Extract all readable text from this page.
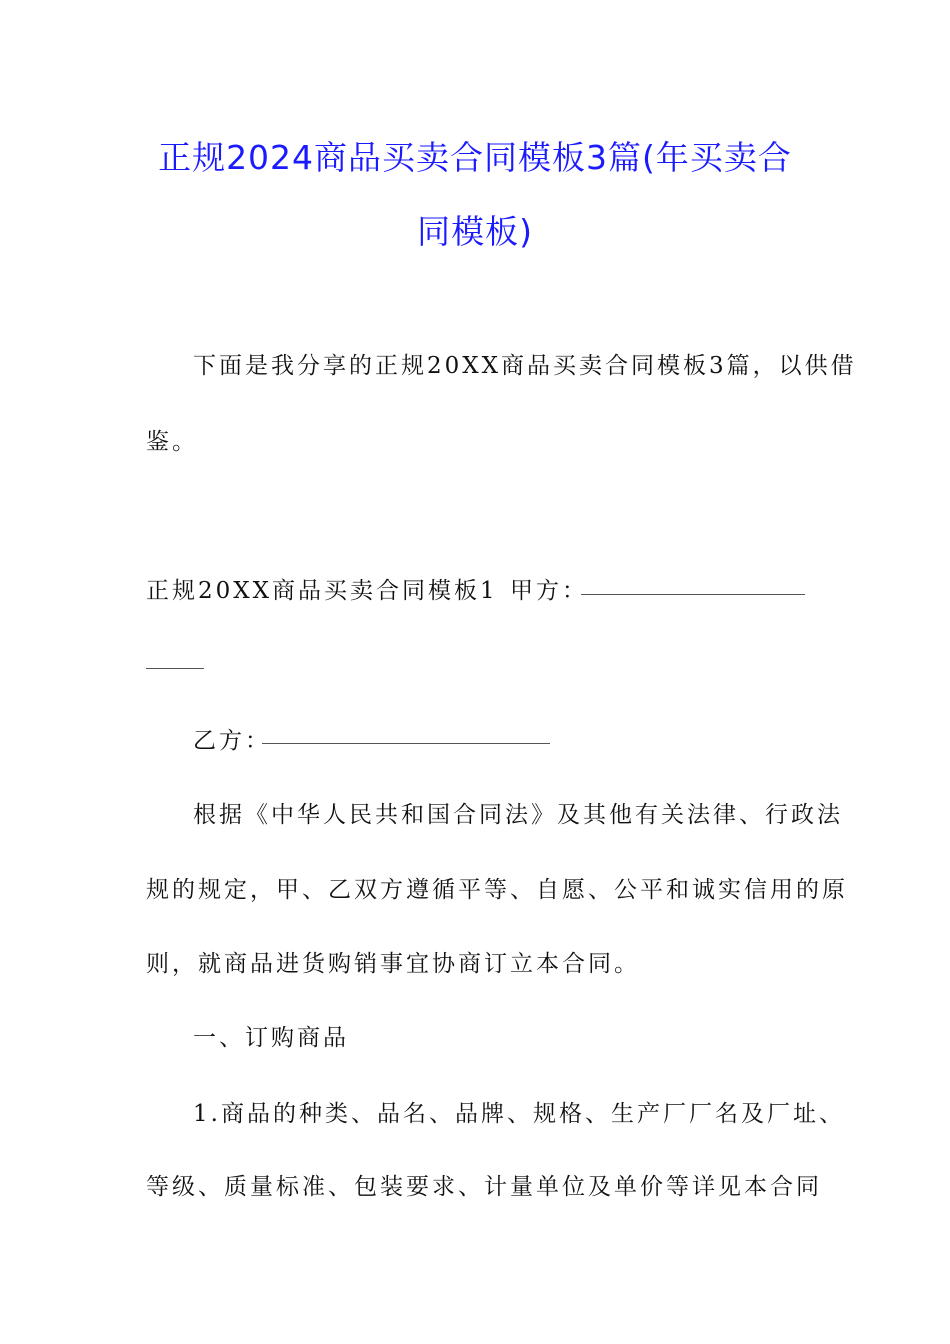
正规2024商品买卖合同模板3篇(年买卖合
同模板)
下面是我分享的正规20XX商品买卖合同模板3篇，以供借
鉴。
正规20XX商品买卖合同模板1 甲方：
乙方：
根据《中华人民共和国合同法》及其他有关法律、行政法
规的规定，甲、乙双方遵循平等、自愿、公平和诚实信用的原
则，就商品进货购销事宜协商订立本合同。
一、订购商品
1.商品的种类、品名、品牌、规格、生产厂厂名及厂址、
等级、质量标准、包装要求、计量单位及单价等详见本合同
